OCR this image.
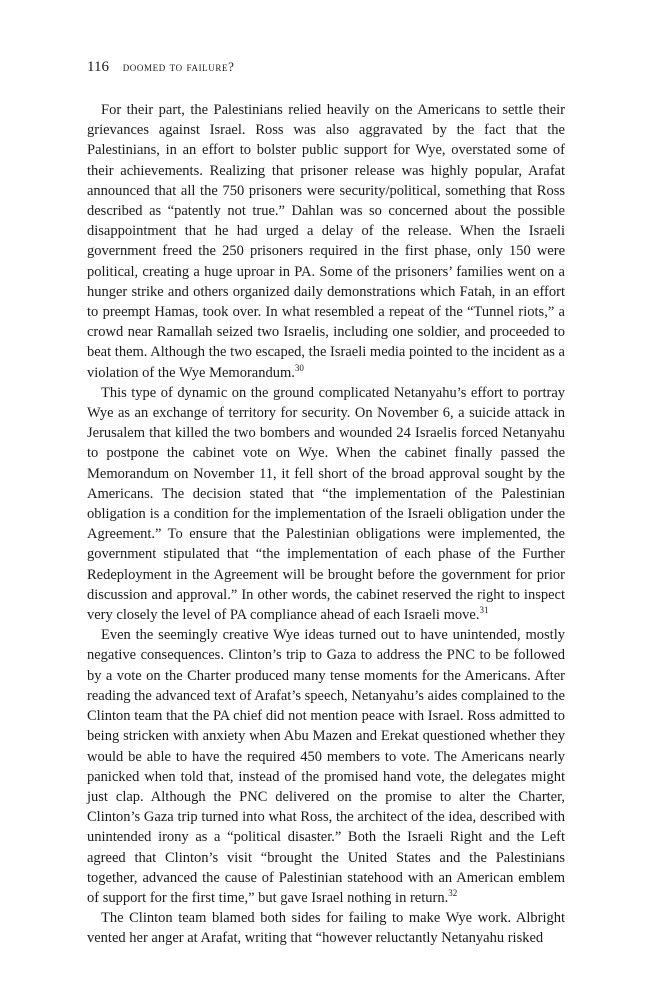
116 doomed to failure?

For their part, the Palestinians relied heavily on the Americans to settle their grievances against Israel. Ross was also aggravated by the fact that the Palestinians, in an effort to bolster public support for Wye, overstated some of their achievements. Realizing that prisoner release was highly popular, Arafat announced that all the 750 prisoners were security/political, something that Ross described as “patently not true.” Dahlan was so concerned about the possible disappointment that he had urged a delay of the release. When the Israeli government freed the 250 prisoners required in the first phase, only 150 were political, creating a huge uproar in PA. Some of the prisoners’ families went on a hunger strike and others organized daily demonstrations which Fatah, in an effort to preempt Hamas, took over. In what resembled a repeat of the “Tunnel riots,” a crowd near Ramallah seized two Israelis, including one soldier, and proceeded to beat them. Although the two escaped, the Israeli media pointed to the incident as a violation of the Wye Memorandum.$^{30}$

This type of dynamic on the ground complicated Netanyahu’s effort to portray Wye as an exchange of territory for security. On November 6, a suicide attack in Jerusalem that killed the two bombers and wounded 24 Israelis forced Netanyahu to postpone the cabinet vote on Wye. When the cabinet finally passed the Memorandum on November 11, it fell short of the broad approval sought by the Americans. The decision stated that “the implementation of the Palestinian obligation is a condition for the implementation of the Israeli obligation under the Agreement.” To ensure that the Palestinian obligations were implemented, the government stipulated that “the implementation of each phase of the Further Redeployment in the Agreement will be brought before the government for prior discussion and approval.” In other words, the cabinet reserved the right to inspect very closely the level of PA compliance ahead of each Israeli move.$^{31}$

Even the seemingly creative Wye ideas turned out to have unintended, mostly negative consequences. Clinton’s trip to Gaza to address the PNC to be followed by a vote on the Charter produced many tense moments for the Americans. After reading the advanced text of Arafat’s speech, Netanyahu’s aides complained to the Clinton team that the PA chief did not mention peace with Israel. Ross admitted to being stricken with anxiety when Abu Mazen and Erekat questioned whether they would be able to have the required 450 members to vote. The Americans nearly panicked when told that, instead of the promised hand vote, the delegates might just clap. Although the PNC delivered on the promise to alter the Charter, Clinton’s Gaza trip turned into what Ross, the architect of the idea, described with unintended irony as a “political disaster.” Both the Israeli Right and the Left agreed that Clinton’s visit “brought the United States and the Palestinians together, advanced the cause of Palestinian statehood with an American emblem of support for the first time,” but gave Israel nothing in return.$^{32}$

The Clinton team blamed both sides for failing to make Wye work. Albright vented her anger at Arafat, writing that “however reluctantly Netanyahu risked
